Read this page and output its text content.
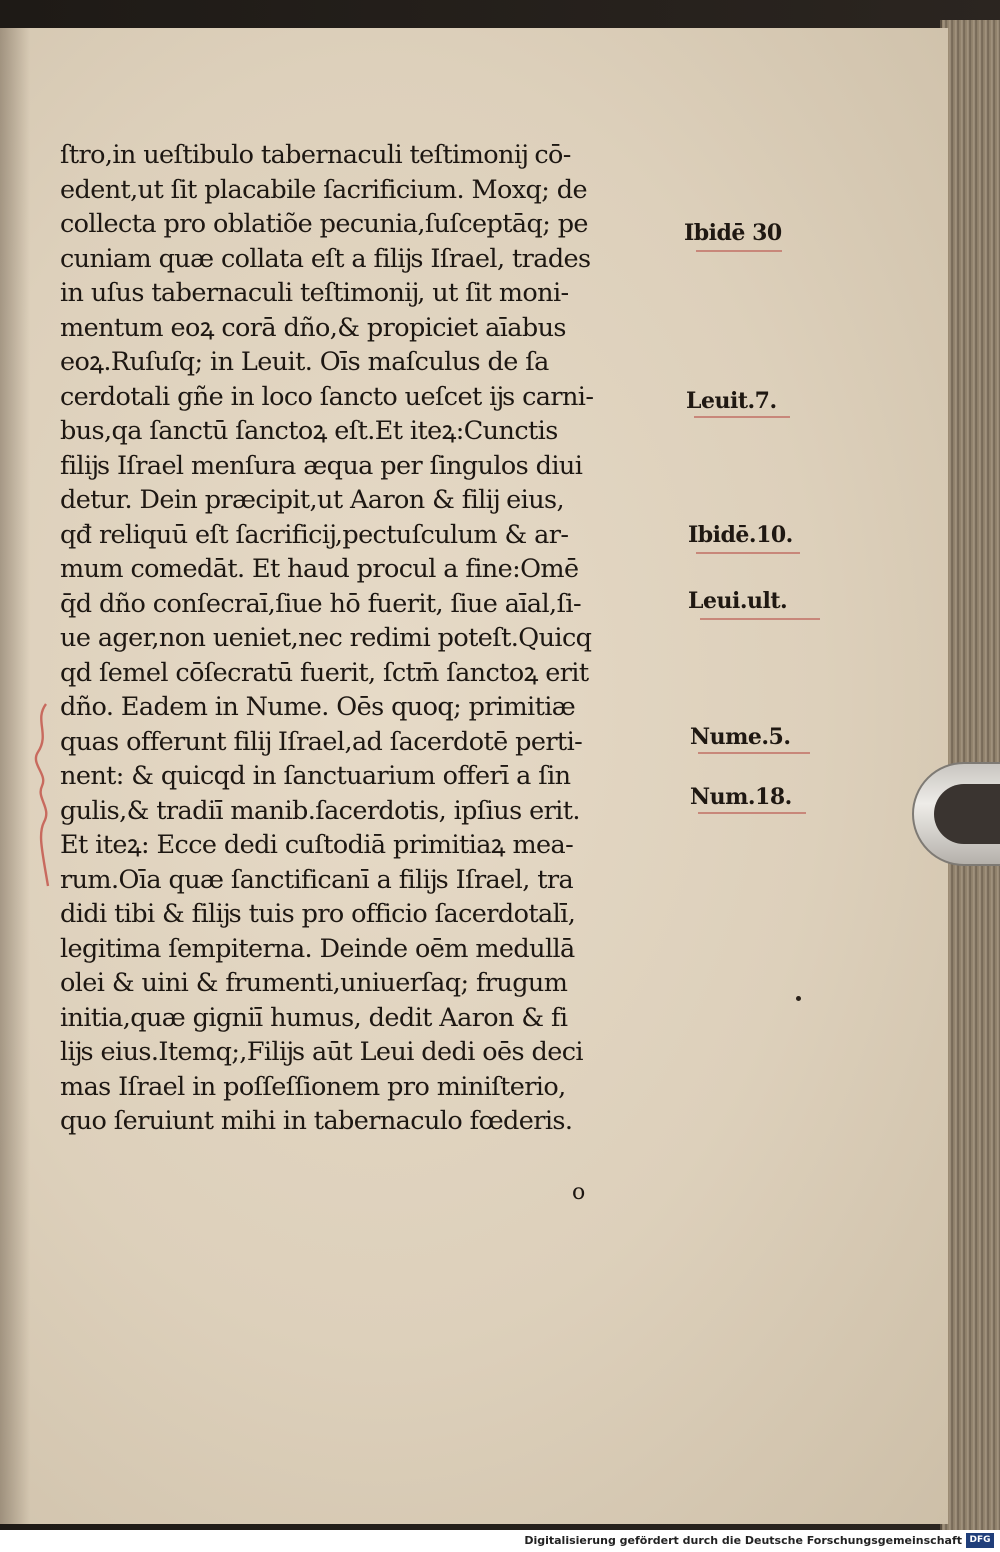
ſtro,in ueſtibulo tabernaculi teſtimonĳ cō-
edent,ut ſit placabile ſacrificium. Moxq; de
collecta pro oblatiõe pecunia,ſuſceptāq; pe
cuniam quæ collata eſt a filĳs Iſrael, trades
in uſus tabernaculi teſtimonĳ, ut ſit moni-
mentum eoꝝ corā dño,& propiciet aīabus
eoꝝ.Ruſuſq; in Leuit. Oīs maſculus de ſa
cerdotali gñe in loco ſancto ueſcet ĳs carni-
bus,qa ſanctū ſanctoꝝ eſt.Et iteꝝ:Cunctis
filĳs Iſrael menſura æqua per ſingulos diui
detur. Dein præcipit,ut Aaron & filĳ eius,
qđ reliquū eſt ſacrificĳ,pectuſculum & ar-
mum comedāt. Et haud procul a fine:Omē
q̄d dño conſecraī,ſiue hō fuerit, ſiue aīal,ſi-
ue ager,non ueniet,nec redimi poteſt.Quicq
qd ſemel cōſecratū fuerit, ſctm̄ ſanctoꝝ erit
dño. Eadem in Nume. Oēs quoq; primitiæ
quas offerunt filĳ Iſrael,ad ſacerdotē perti-
nent: & quicqd in ſanctuarium offerī a ſin
gulis,& tradiī manib.ſacerdotis, ipſius erit.
Et iteꝝ: Ecce dedi cuſtodiā primitiaꝝ mea-
rum.Oīa quæ ſanctificanī a filĳs Iſrael, tra
didi tibi & filĳs tuis pro officio ſacerdotalī,
legitima ſempiterna. Deinde oēm medullā
olei & uini & frumenti,uniuerſaq; frugum
initia,quæ gigniī humus, dedit Aaron & fi
lĳs eius.Itemq;,Filĳs aūt Leui dedi oēs deci
mas Iſrael in poſſeſſionem pro miniſterio,
quo ſeruiunt mihi in tabernaculo fœderis.
Ibidē 30
Leuit.7.
Ibidē.10.
Leui.ult.
Nume.5.
Num.18.
o
Digitalisierung gefördert durch die Deutsche Forschungsgemeinschaft DFG
